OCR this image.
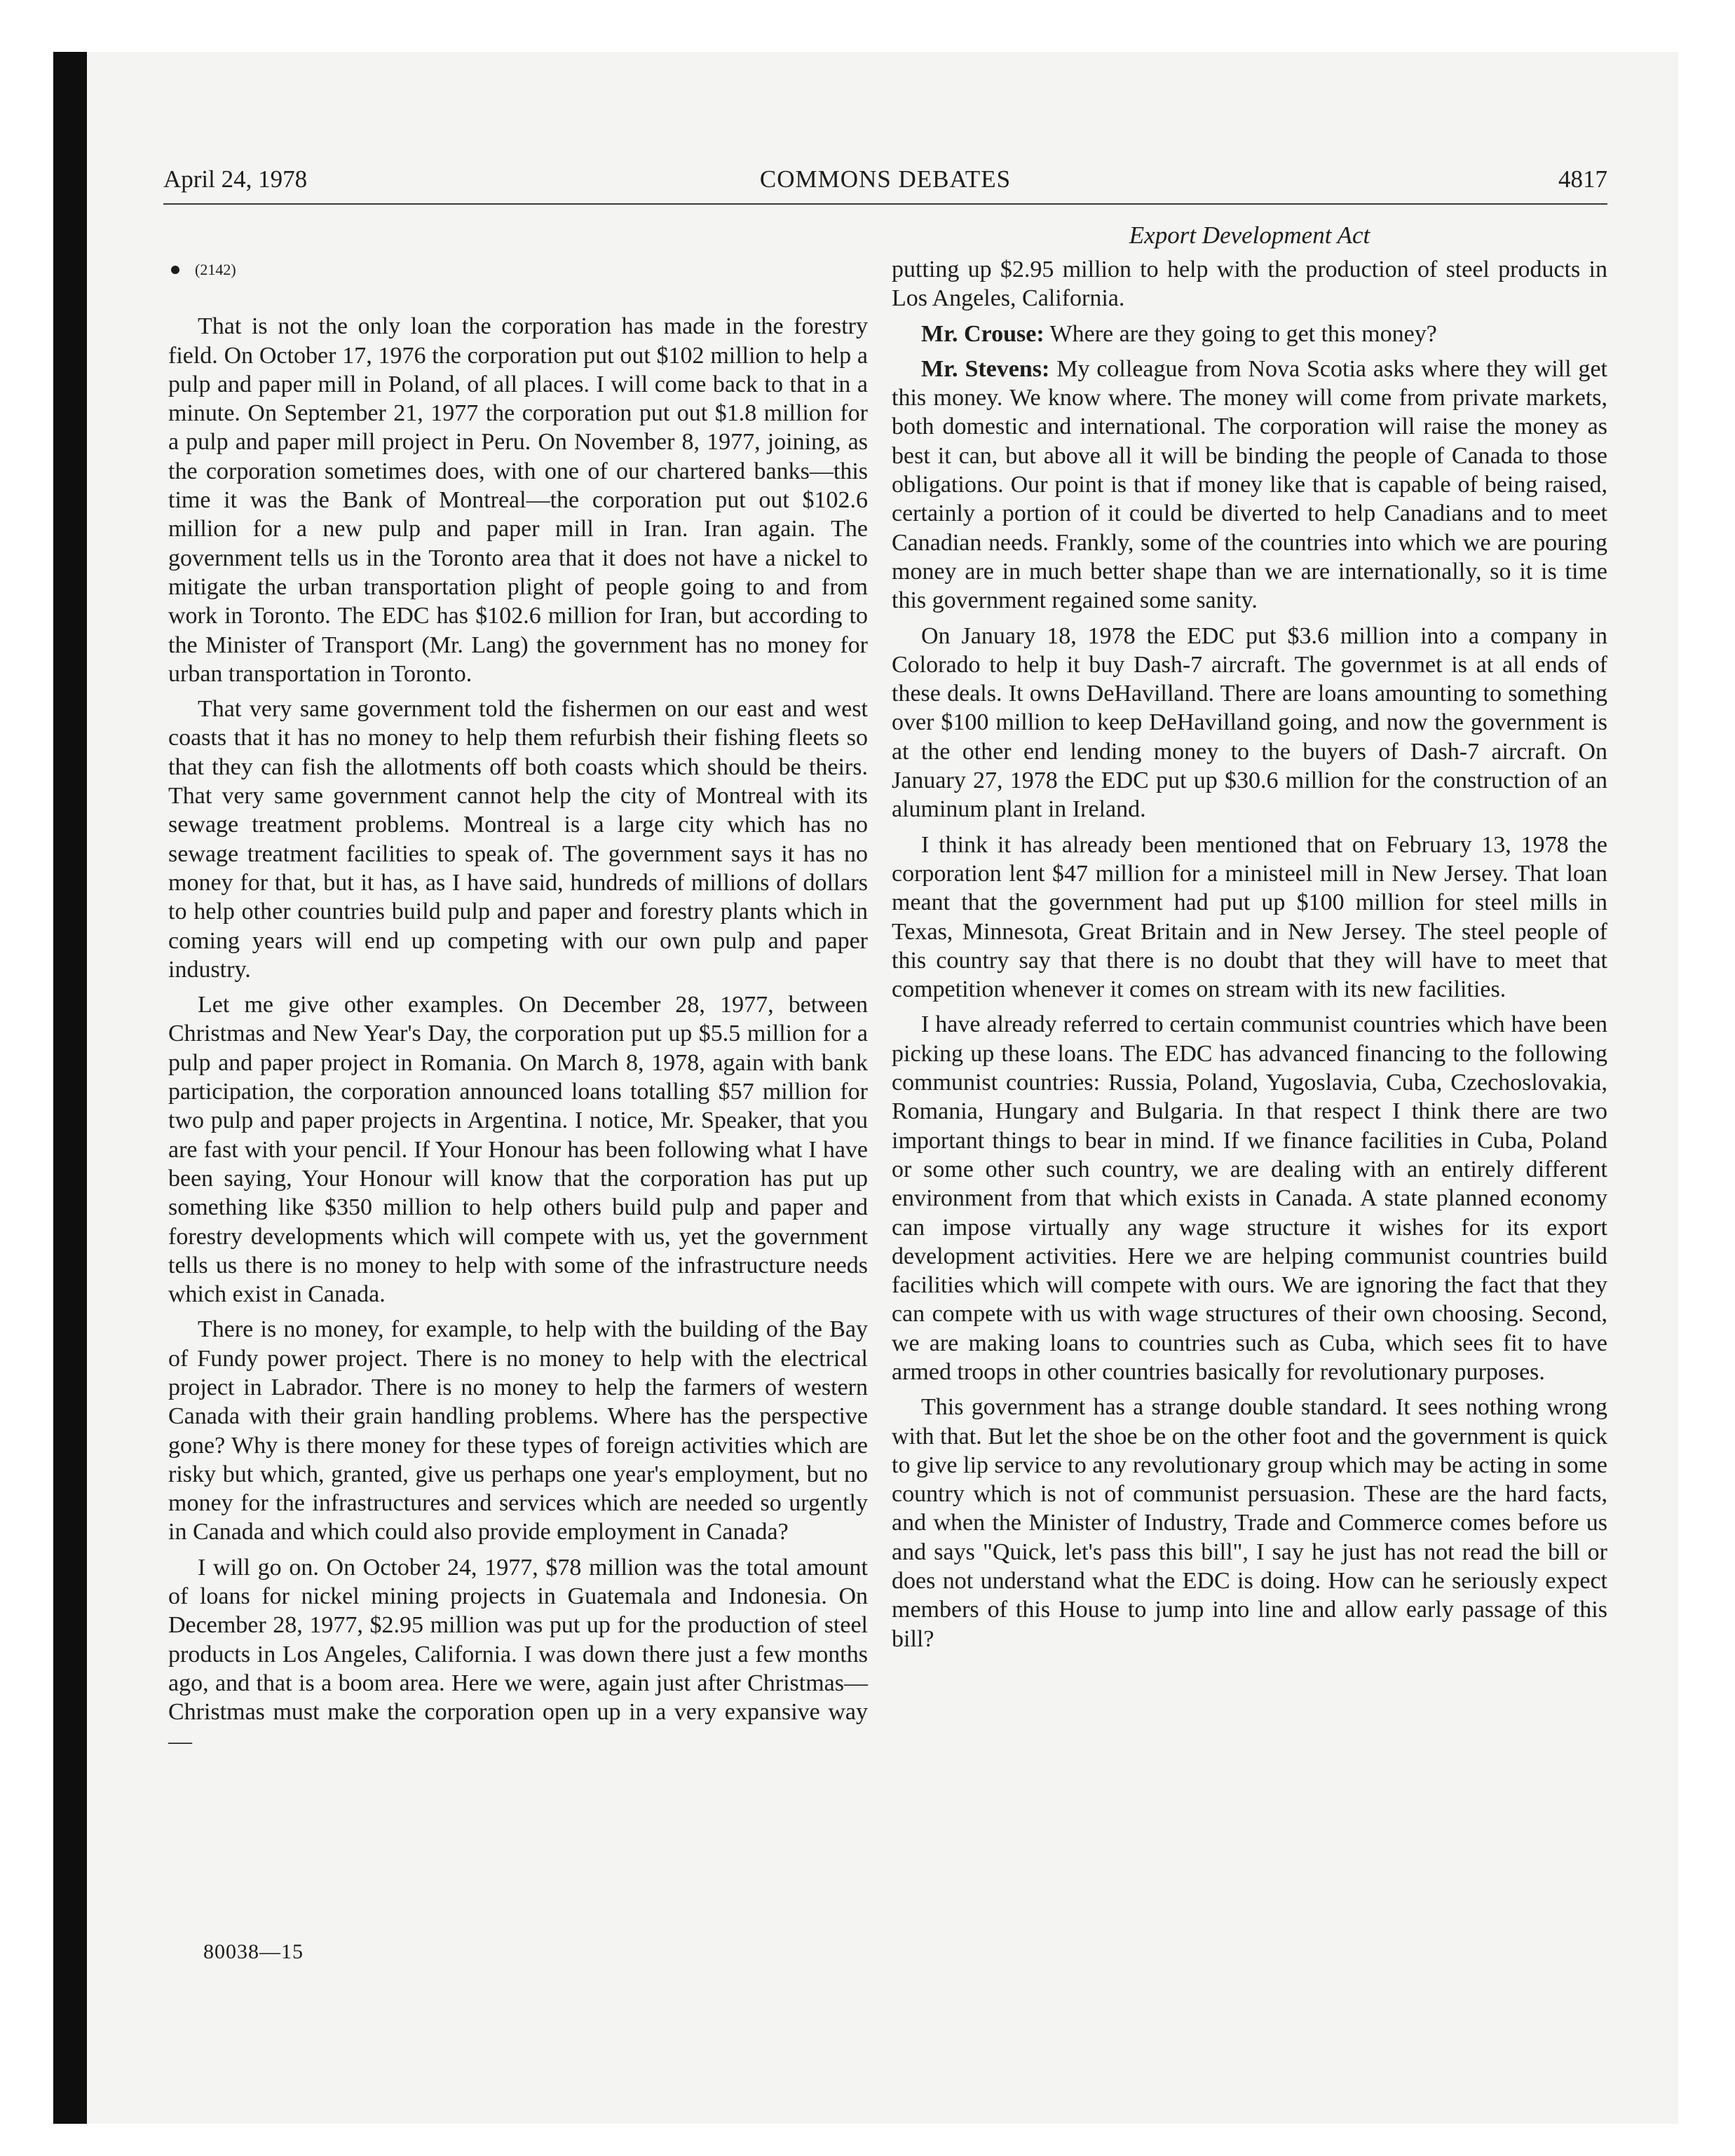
April 24, 1978	COMMONS DEBATES	4817
Export Development Act
(2142)

That is not the only loan the corporation has made in the forestry field. On October 17, 1976 the corporation put out $102 million to help a pulp and paper mill in Poland, of all places. I will come back to that in a minute. On September 21, 1977 the corporation put out $1.8 million for a pulp and paper mill project in Peru. On November 8, 1977, joining, as the corporation sometimes does, with one of our chartered banks—this time it was the Bank of Montreal—the corporation put out $102.6 million for a new pulp and paper mill in Iran. Iran again. The government tells us in the Toronto area that it does not have a nickel to mitigate the urban transportation plight of people going to and from work in Toronto. The EDC has $102.6 million for Iran, but according to the Minister of Transport (Mr. Lang) the government has no money for urban transportation in Toronto.

That very same government told the fishermen on our east and west coasts that it has no money to help them refurbish their fishing fleets so that they can fish the allotments off both coasts which should be theirs. That very same government cannot help the city of Montreal with its sewage treatment problems. Montreal is a large city which has no sewage treatment facilities to speak of. The government says it has no money for that, but it has, as I have said, hundreds of millions of dollars to help other countries build pulp and paper and forestry plants which in coming years will end up competing with our own pulp and paper industry.

Let me give other examples. On December 28, 1977, between Christmas and New Year's Day, the corporation put up $5.5 million for a pulp and paper project in Romania. On March 8, 1978, again with bank participation, the corporation announced loans totalling $57 million for two pulp and paper projects in Argentina. I notice, Mr. Speaker, that you are fast with your pencil. If Your Honour has been following what I have been saying, Your Honour will know that the corporation has put up something like $350 million to help others build pulp and paper and forestry developments which will compete with us, yet the government tells us there is no money to help with some of the infrastructure needs which exist in Canada.

There is no money, for example, to help with the building of the Bay of Fundy power project. There is no money to help with the electrical project in Labrador. There is no money to help the farmers of western Canada with their grain handling problems. Where has the perspective gone? Why is there money for these types of foreign activities which are risky but which, granted, give us perhaps one year's employment, but no money for the infrastructures and services which are needed so urgently in Canada and which could also provide employment in Canada?

I will go on. On October 24, 1977, $78 million was the total amount of loans for nickel mining projects in Guatemala and Indonesia. On December 28, 1977, $2.95 million was put up for the production of steel products in Los Angeles, California. I was down there just a few months ago, and that is a boom area. Here we were, again just after Christmas—Christmas must make the corporation open up in a very expansive way—

putting up $2.95 million to help with the production of steel products in Los Angeles, California.

Mr. Crouse: Where are they going to get this money?

Mr. Stevens: My colleague from Nova Scotia asks where they will get this money. We know where. The money will come from private markets, both domestic and international. The corporation will raise the money as best it can, but above all it will be binding the people of Canada to those obligations. Our point is that if money like that is capable of being raised, certainly a portion of it could be diverted to help Canadians and to meet Canadian needs. Frankly, some of the countries into which we are pouring money are in much better shape than we are internationally, so it is time this government regained some sanity.

On January 18, 1978 the EDC put $3.6 million into a company in Colorado to help it buy Dash-7 aircraft. The governmet is at all ends of these deals. It owns DeHavilland. There are loans amounting to something over $100 million to keep DeHavilland going, and now the government is at the other end lending money to the buyers of Dash-7 aircraft. On January 27, 1978 the EDC put up $30.6 million for the construction of an aluminum plant in Ireland.

I think it has already been mentioned that on February 13, 1978 the corporation lent $47 million for a ministeel mill in New Jersey. That loan meant that the government had put up $100 million for steel mills in Texas, Minnesota, Great Britain and in New Jersey. The steel people of this country say that there is no doubt that they will have to meet that competition whenever it comes on stream with its new facilities.

I have already referred to certain communist countries which have been picking up these loans. The EDC has advanced financing to the following communist countries: Russia, Poland, Yugoslavia, Cuba, Czechoslovakia, Romania, Hungary and Bulgaria. In that respect I think there are two important things to bear in mind. If we finance facilities in Cuba, Poland or some other such country, we are dealing with an entirely different environment from that which exists in Canada. A state planned economy can impose virtually any wage structure it wishes for its export development activities. Here we are helping communist countries build facilities which will compete with ours. We are ignoring the fact that they can compete with us with wage structures of their own choosing. Second, we are making loans to countries such as Cuba, which sees fit to have armed troops in other countries basically for revolutionary purposes.

This government has a strange double standard. It sees nothing wrong with that. But let the shoe be on the other foot and the government is quick to give lip service to any revolutionary group which may be acting in some country which is not of communist persuasion. These are the hard facts, and when the Minister of Industry, Trade and Commerce comes before us and says "Quick, let's pass this bill", I say he just has not read the bill or does not understand what the EDC is doing. How can he seriously expect members of this House to jump into line and allow early passage of this bill?

80038—15
